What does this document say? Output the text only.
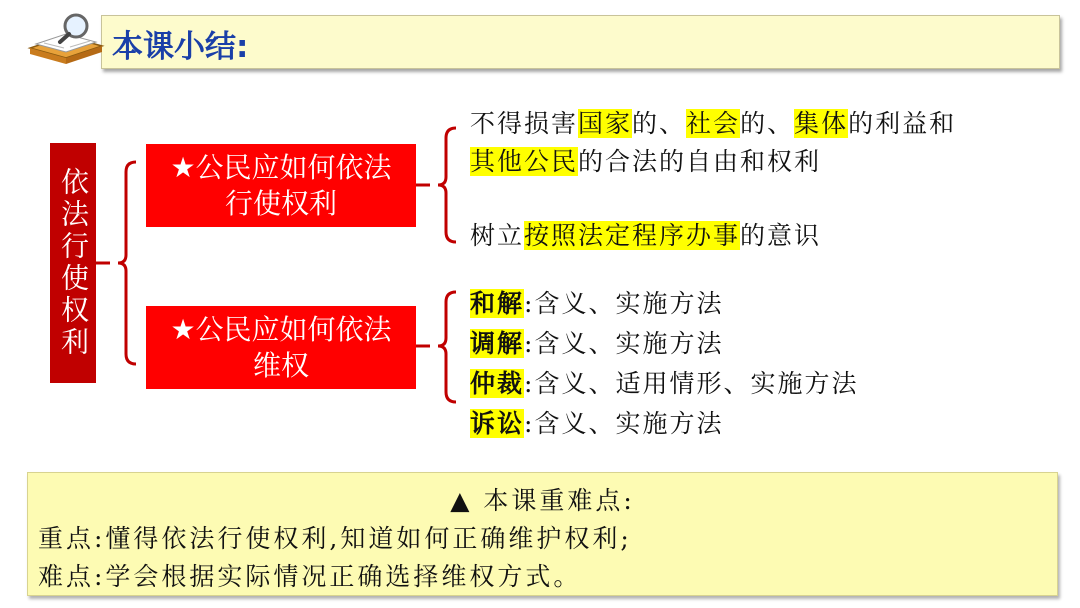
本课小结:
依法行使权利	★公民应如何依法
行使权利
★公民应如何依法
维权
不得损害国家的、社会的、集体的利益和
其他公民的合法的自由和权利
树立按照法定程序办事的意识
和解:含义、实施方法
调解:含义、实施方法
仲裁:含义、适用情形、实施方法
诉讼:含义、实施方法
▲ 本课重难点:
重点:懂得依法行使权利,知道如何正确维护权利;
难点:学会根据实际情况正确选择维权方式。
